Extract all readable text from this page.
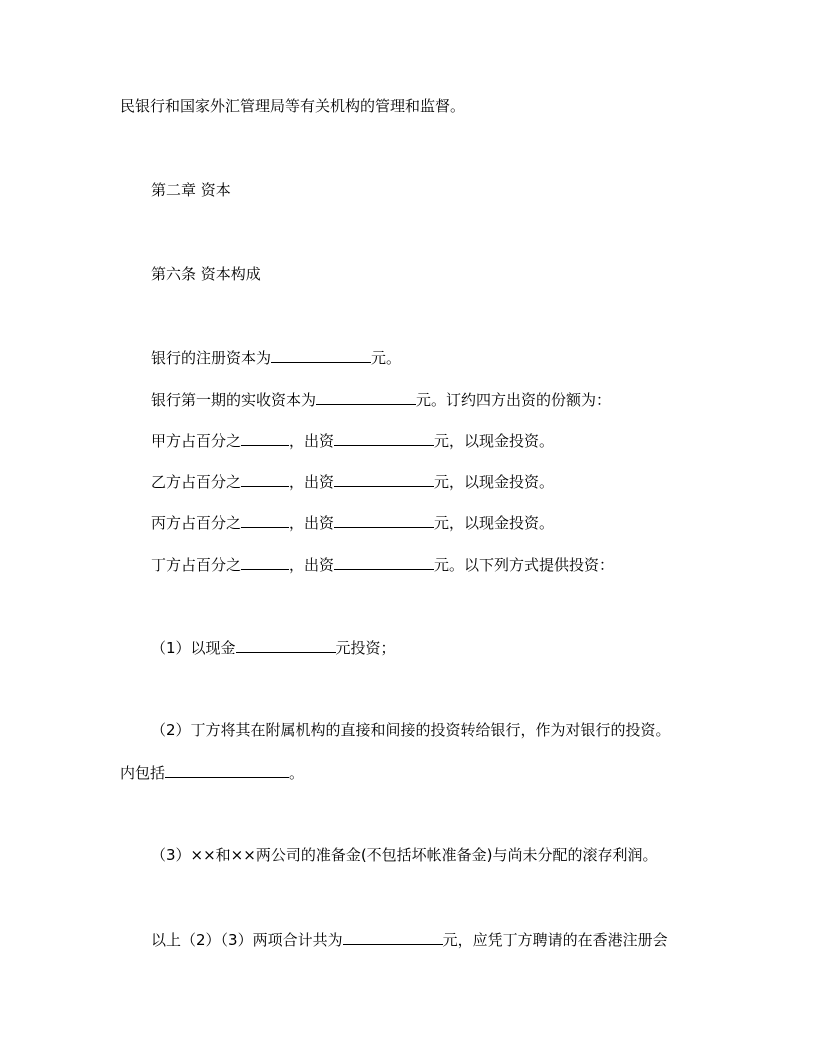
民银行和国家外汇管理局等有关机构的管理和监督。
第二章 资本
第六条 资本构成
银行的注册资本为	元。
银行第一期的实收资本为	元。订约四方出资的份额为：
甲方占百分之	，出资	元，以现金投资。
乙方占百分之	，出资	元，以现金投资。
丙方占百分之	，出资	元，以现金投资。
丁方占百分之	，出资	元。以下列方式提供投资：
（1）以现金	元投资；
（2）丁方将其在附属机构的直接和间接的投资转给银行，作为对银行的投资。
内包括	。
（3）××和××两公司的准备金(不包括坏帐准备金)与尚未分配的滚存利润。
以上（2）（3）两项合计共为	元，应凭丁方聘请的在香港注册会
